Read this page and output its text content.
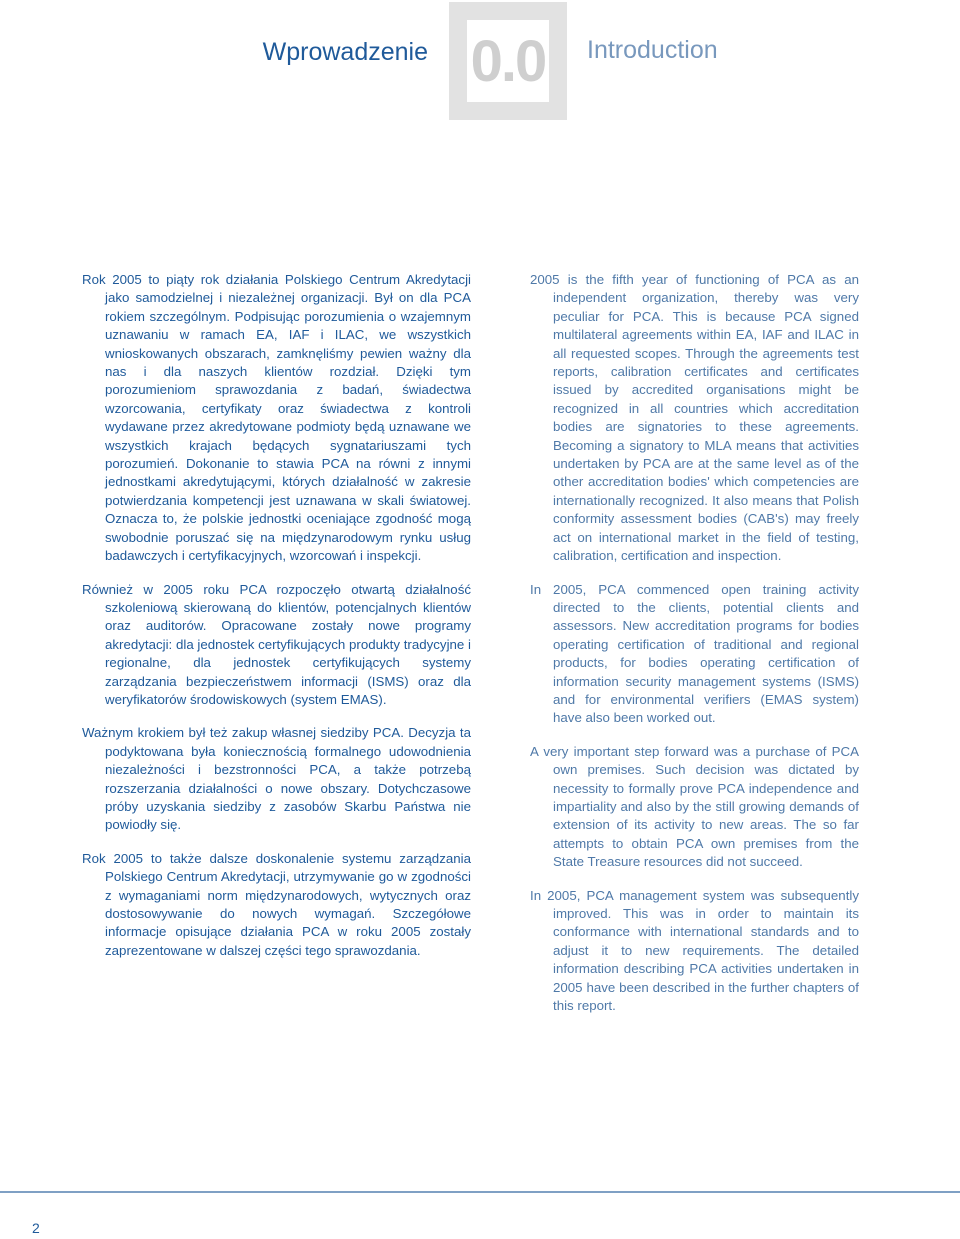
Wprowadzenie 0.0	Introduction

Rok 2005 to piąty rok działania Polskiego Centrum Akredytacji jako samodzielnej i niezależnej organizacji. Był on dla PCA rokiem szczególnym. Podpisując porozumienia o wzajemnym uznawaniu w ramach EA, IAF i ILAC, we wszystkich wnioskowanych obszarach, zamknęliśmy pewien ważny dla nas i dla naszych klientów rozdział. Dzięki tym porozumieniom sprawozdania z badań, świadectwa wzorcowania, certyfikaty oraz świadectwa z kontroli wydawane przez akredytowane podmioty będą uznawane we wszystkich krajach będących sygnatariuszami tych porozumień. Dokonanie to stawia PCA na równi z innymi jednostkami akredytującymi, których działalność w zakresie potwierdzania kompetencji jest uznawana w skali światowej. Oznacza to, że polskie jednostki oceniające zgodność mogą swobodnie poruszać się na międzynarodowym rynku usług badawczych i certyfikacyjnych, wzorcowań i inspekcji.

Również w 2005 roku PCA rozpoczęło otwartą działalność szkoleniową skierowaną do klientów, potencjalnych klientów oraz auditorów. Opracowane zostały nowe programy akredytacji: dla jednostek certyfikujących produkty tradycyjne i regionalne, dla jednostek certyfikujących systemy zarządzania bezpieczeństwem informacji (ISMS) oraz dla weryfikatorów środowiskowych (system EMAS).

Ważnym krokiem był też zakup własnej siedziby PCA. Decyzja ta podyktowana była koniecznością formalnego udowodnienia niezależności i bezstronności PCA, a także potrzebą rozszerzania działalności o nowe obszary. Dotychczasowe próby uzyskania siedziby z zasobów Skarbu Państwa nie powiodły się.

Rok 2005 to także dalsze doskonalenie systemu zarządzania Polskiego Centrum Akredytacji, utrzymywanie go w zgodności z wymaganiami norm międzynarodowych, wytycznych oraz dostosowywanie do nowych wymagań. Szczegółowe informacje opisujące działania PCA w roku 2005 zostały zaprezentowane w dalszej części tego sprawozdania.

2005 is the fifth year of functioning of PCA as an independent organization, thereby was very peculiar for PCA. This is because PCA signed multilateral agreements within EA, IAF and ILAC in all requested scopes. Through the agreements test reports, calibration certificates and certificates issued by accredited organisations might be recognized in all countries which accreditation bodies are signatories to these agreements. Becoming a signatory to MLA means that activities undertaken by PCA are at the same level as of the other accreditation bodies' which competencies are internationally recognized. It also means that Polish conformity assessment bodies (CAB's) may freely act on international market in the field of testing, calibration, certification and inspection.

In 2005, PCA commenced open training activity directed to the clients, potential clients and assessors. New accreditation programs for bodies operating certification of traditional and regional products, for bodies operating certification of information security management systems (ISMS) and for environmental verifiers (EMAS system) have also been worked out.

A very important step forward was a purchase of PCA own premises. Such decision was dictated by necessity to formally prove PCA independence and impartiality and also by the still growing demands of extension of its activity to new areas. The so far attempts to obtain PCA own premises from the State Treasure resources did not succeed.

In 2005, PCA management system was subsequently improved. This was in order to maintain its conformance with international standards and to adjust it to new requirements. The detailed information describing PCA activities undertaken in 2005 have been described in the further chapters of this report.

2
